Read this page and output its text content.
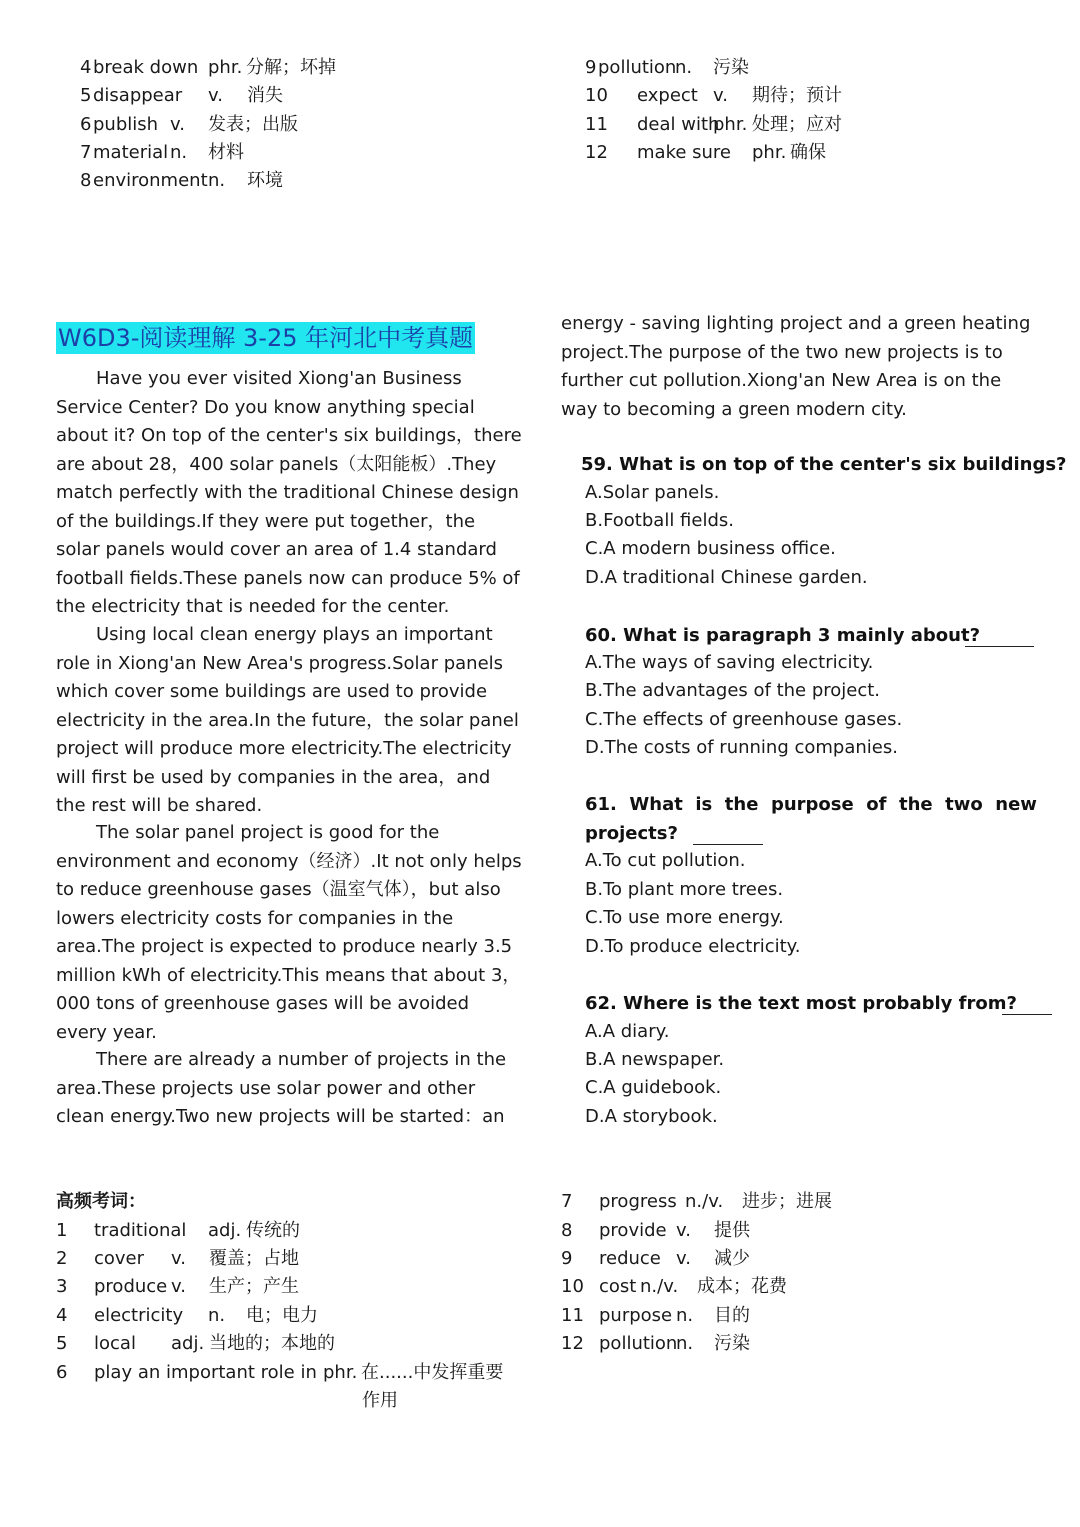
4 break down phr. 分解；坏掉
5 disappear v. 消失
6 publish v. 发表；出版
7 material n. 材料
8 environment n. 环境
9 pollution
n. 污染
10 expect v. 期待；预计
11 deal with
phr. 处理；应对
12 make sure phr. 确保
W6D3-阅读理解 3-25 年河北中考真题

Have you ever visited Xiong'an Business Service Center? Do you know anything special about it? On top of the center's six buildings，there are about 28，400 solar panels（太阳能板）.They match perfectly with the traditional Chinese design of the buildings.If they were put together，the solar panels would cover an area of 1.4 standard football fields.These panels now can produce 5% of the electricity that is needed for the center.

Using local clean energy plays an important role in Xiong'an New Area's progress.Solar panels which cover some buildings are used to provide electricity in the area.In the future，the solar panel project will produce more electricity.The electricity will first be used by companies in the area，and the rest will be shared.

The solar panel project is good for the environment and economy（经济）.It not only helps to reduce greenhouse gases（温室气体），but also lowers electricity costs for companies in the area.The project is expected to produce nearly 3.5 million kWh of electricity.This means that about 3，000 tons of greenhouse gases will be avoided every year.

There are already a number of projects in the area.These projects use solar power and other clean energy.Two new projects will be started：an

energy - saving lighting project and a green heating project.The purpose of the two new projects is to further cut pollution.Xiong'an New Area is on the way to becoming a green modern city.

59. What is on top of the center's six buildings?
A.Solar panels.
B.Football fields.
C.A modern business office.
D.A traditional Chinese garden.
60. What is paragraph 3 mainly about?
A.The ways of saving electricity.
B.The advantages of the project.
C.The effects of greenhouse gases.
D.The costs of running companies.
61.  What  is  the  purpose  of  the  two  new
projects?
A.To cut pollution.
B.To plant more trees.
C.To use more energy.
D.To produce electricity.
62. Where is the text most probably from?
A.A diary.
B.A newspaper.
C.A guidebook.
D.A storybook.
高频考词：
1 traditional adj. 传统的
2 cover v. 覆盖；占地
3 produce v. 生产；产生
4 electricity n. 电；电力
5 local adj. 当地的；本地的
6 play an important role in phr. 在......中发挥重要
作用
7 progress n./v. 进步；进展
8 provide v. 提供
9 reduce v. 减少
10 cost n./v. 成本；花费
11 purpose n. 目的
12 pollution
n. 污染
